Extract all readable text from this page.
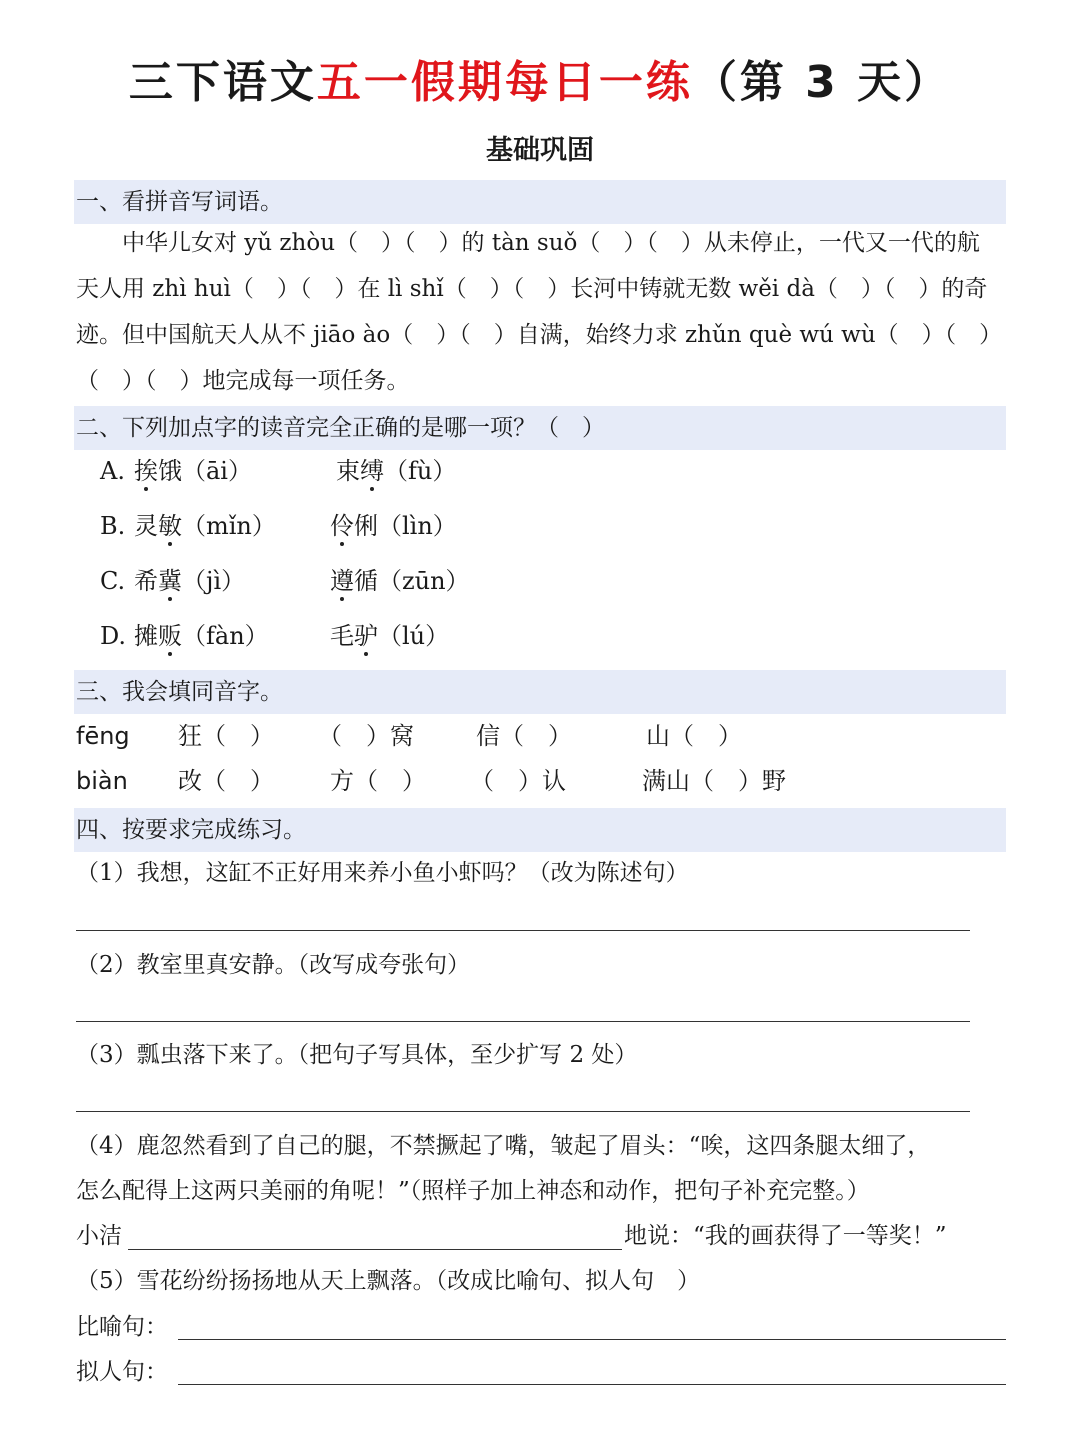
三下语文五一假期每日一练（第 3 天）
基础巩固
一、看拼音写词语。
　　中华儿女对 yǔ zhòu（　）（　）的 tàn suǒ（　）（　）从未停止，一代又一代的航
天人用 zhì huì（　）（　）在 lì shǐ（　）（　）长河中铸就无数 wěi dà（　）（　）的奇
迹。但中国航天人从不 jiāo ào（　）（　）自满，始终力求 zhǔn què wú wù（　）（　）
（　）（　）地完成每一项任务。
二、下列加点字的读音完全正确的是哪一项？（　）
A. 挨饿（āi）	束缚（fù）
B. 灵敏（mǐn） 伶俐（lìn）
C. 希冀（jì）	遵循（zūn）
D. 摊贩（fàn）	毛驴（lú）
三、我会填同音字。
fēng 狂（　） （　）窝	信（　）	山（　）
biàn 改（　） 方（　） （　）认	满山（　）野
四、按要求完成练习。
（1）我想，这缸不正好用来养小鱼小虾吗？（改为陈述句）
（2）教室里真安静。（改写成夸张句）
（3）瓢虫落下来了。（把句子写具体，至少扩写 2 处）
（4）鹿忽然看到了自己的腿，不禁撅起了嘴，皱起了眉头：“唉，这四条腿太细了，
怎么配得上这两只美丽的角呢！”（照样子加上神态和动作，把句子补充完整。）
小洁	地说：“我的画获得了一等奖！”
（5）雪花纷纷扬扬地从天上飘落。（改成比喻句、拟人句　）
比喻句：
拟人句：
